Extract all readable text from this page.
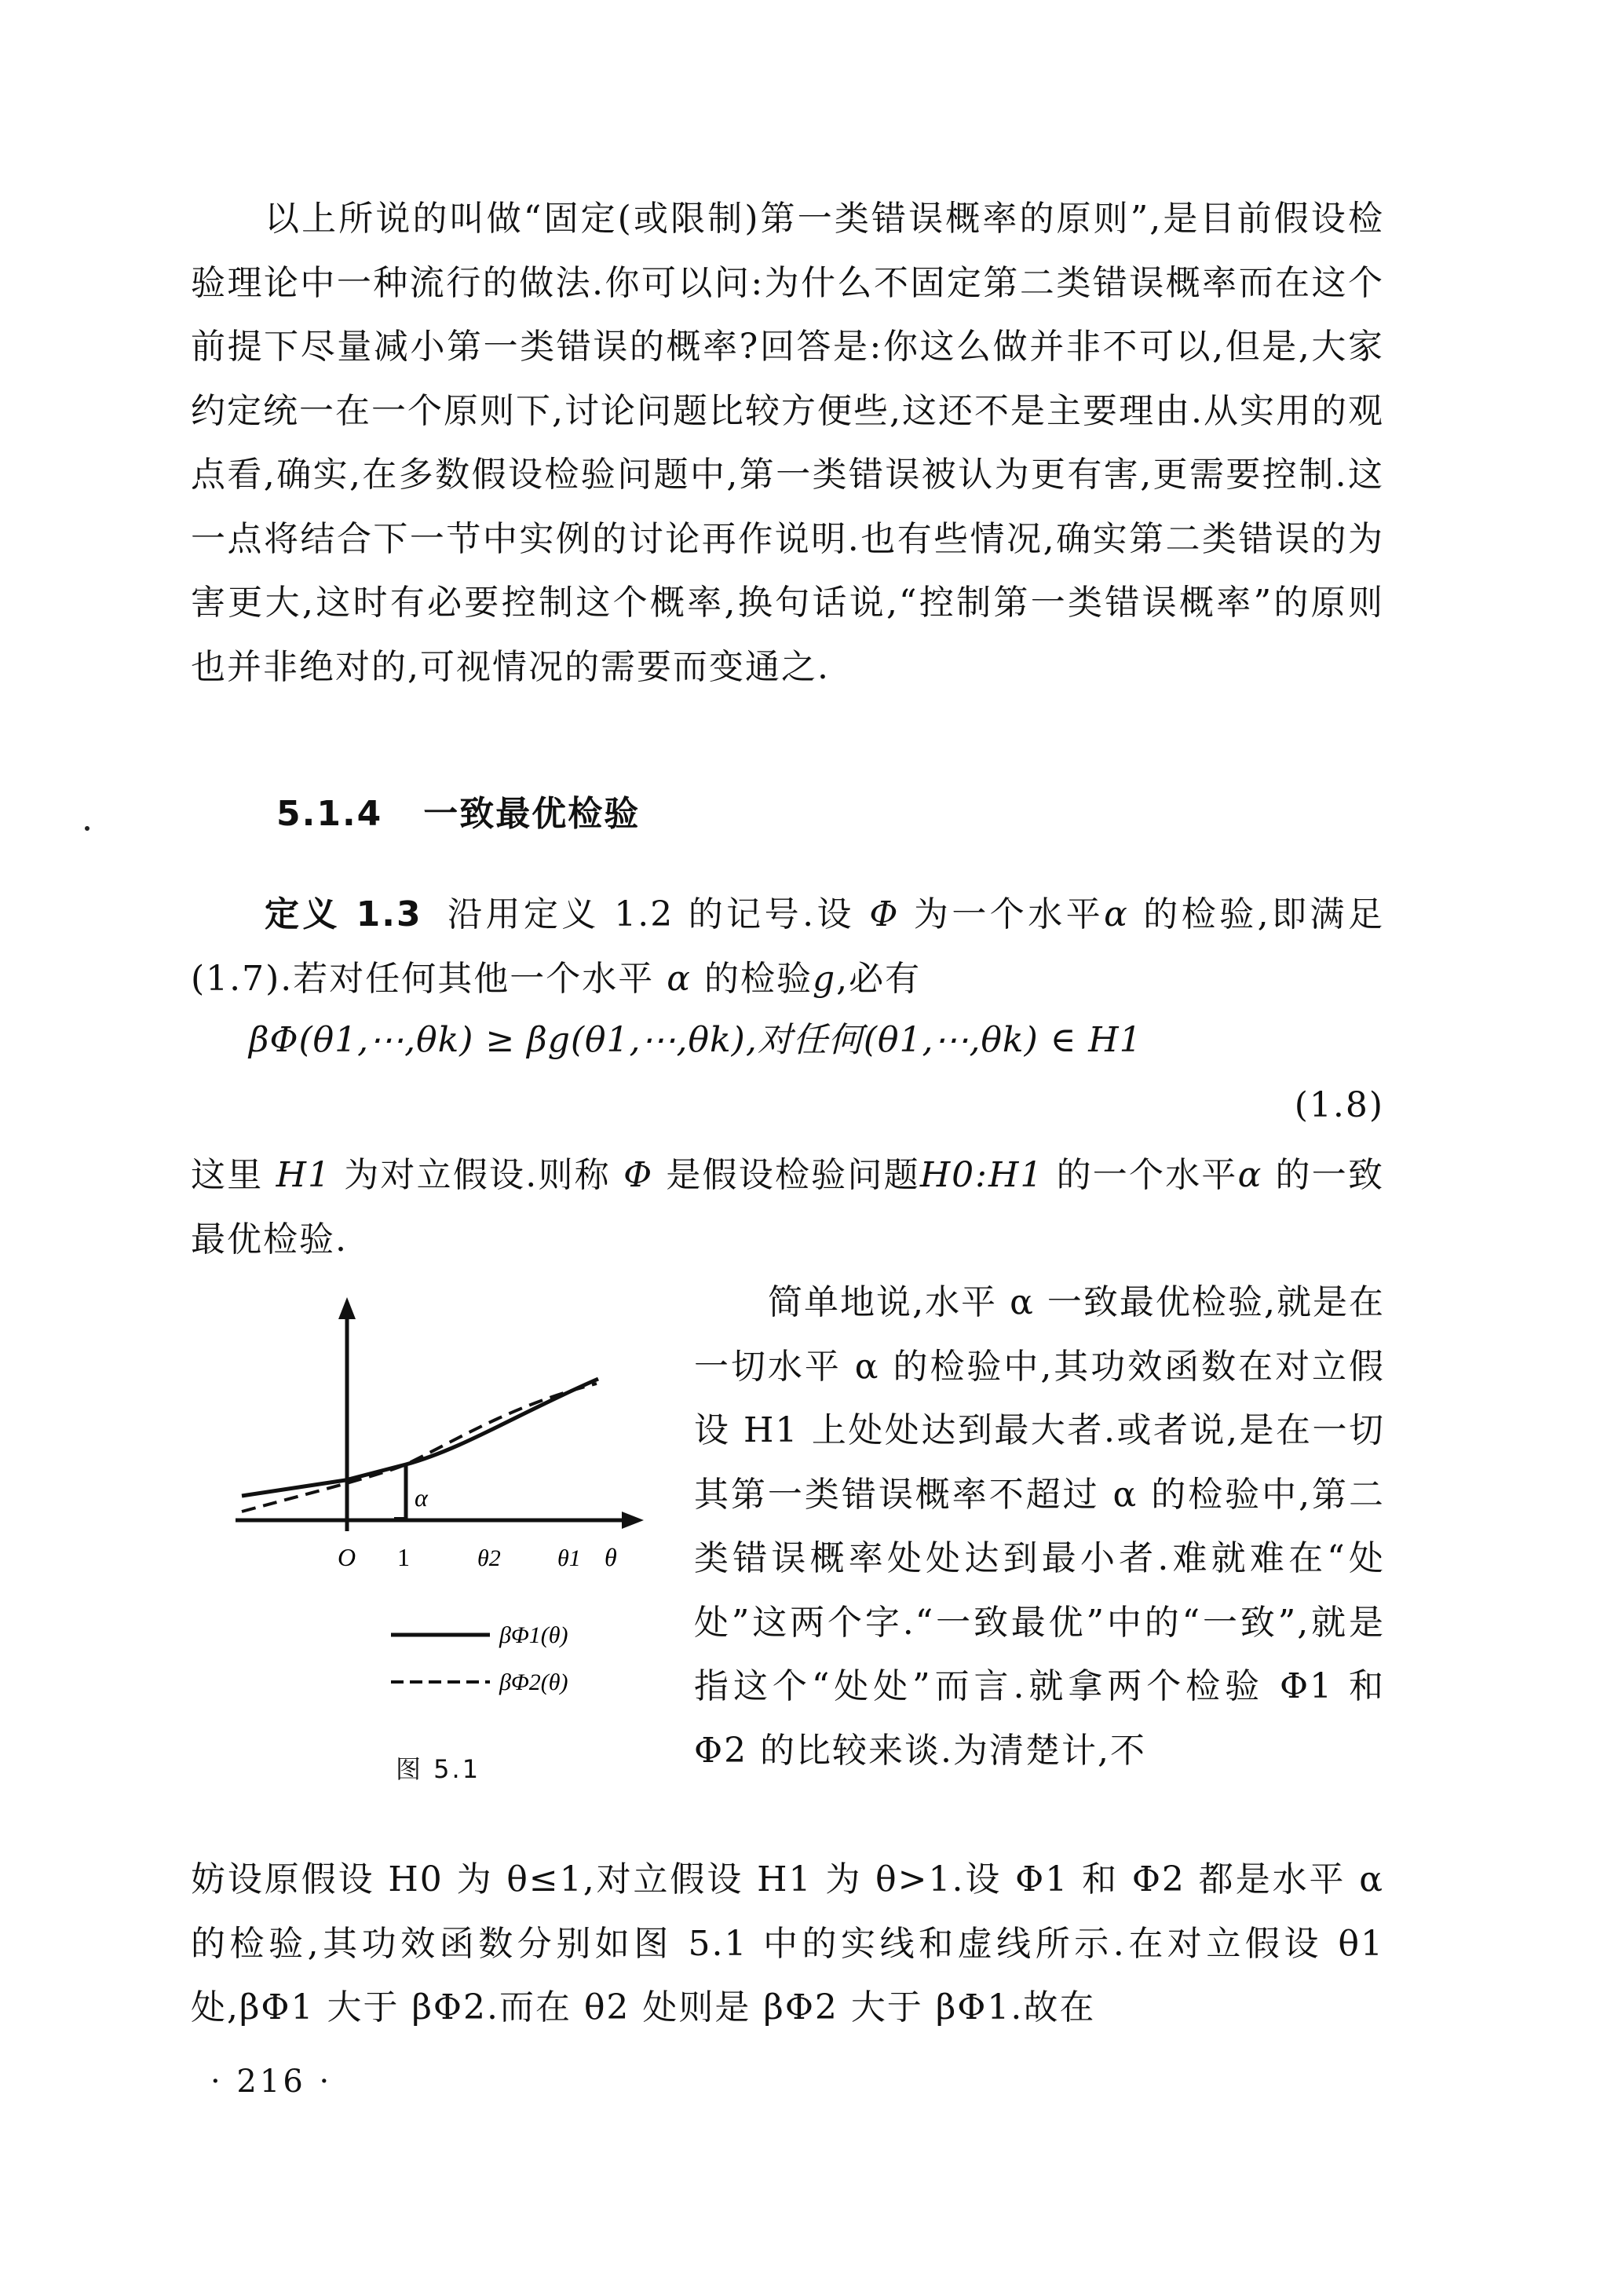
以上所说的叫做“固定(或限制)第一类错误概率的原则”,是目前假设检验理论中一种流行的做法.你可以问:为什么不固定第二类错误概率而在这个前提下尽量减小第一类错误的概率?回答是:你这么做并非不可以,但是,大家约定统一在一个原则下,讨论问题比较方便些,这还不是主要理由.从实用的观点看,确实,在多数假设检验问题中,第一类错误被认为更有害,更需要控制.这一点将结合下一节中实例的讨论再作说明.也有些情况,确实第二类错误的为害更大,这时有必要控制这个概率,换句话说,“控制第一类错误概率”的原则也并非绝对的,可视情况的需要而变通之.

5.1.4 一致最优检验

定义 1.3 沿用定义 1.2 的记号.设 Φ 为一个水平α 的检验,即满足(1.7).若对任何其他一个水平 α 的检验g,必有

βΦ(θ1,⋯,θk) ≥ βg(θ1,⋯,θk),对任何(θ1,⋯,θk) ∈ H1
(1.8)

这里 H1 为对立假设.则称 Φ 是假设检验问题H0:H1 的一个水平α 的一致最优检验.

O 1	θ2 θ1 θ
α
βΦ1(θ)
βΦ2(θ)
图 5.1

简单地说,水平 α 一致最优检验,就是在一切水平 α 的检验中,其功效函数在对立假设 H1 上处处达到最大者.或者说,是在一切其第一类错误概率不超过 α 的检验中,第二类错误概率处处达到最小者.难就难在“处处”这两个字.“一致最优”中的“一致”,就是指这个“处处”而言.就拿两个检验 Φ1 和 Φ2 的比较来谈.为清楚计,不

妨设原假设 H0 为 θ≤1,对立假设 H1 为 θ>1.设 Φ1 和 Φ2 都是水平 α 的检验,其功效函数分别如图 5.1 中的实线和虚线所示.在对立假设 θ1 处,βΦ1 大于 βΦ2.而在 θ2 处则是 βΦ2 大于 βΦ1.故在

· 216 ·
